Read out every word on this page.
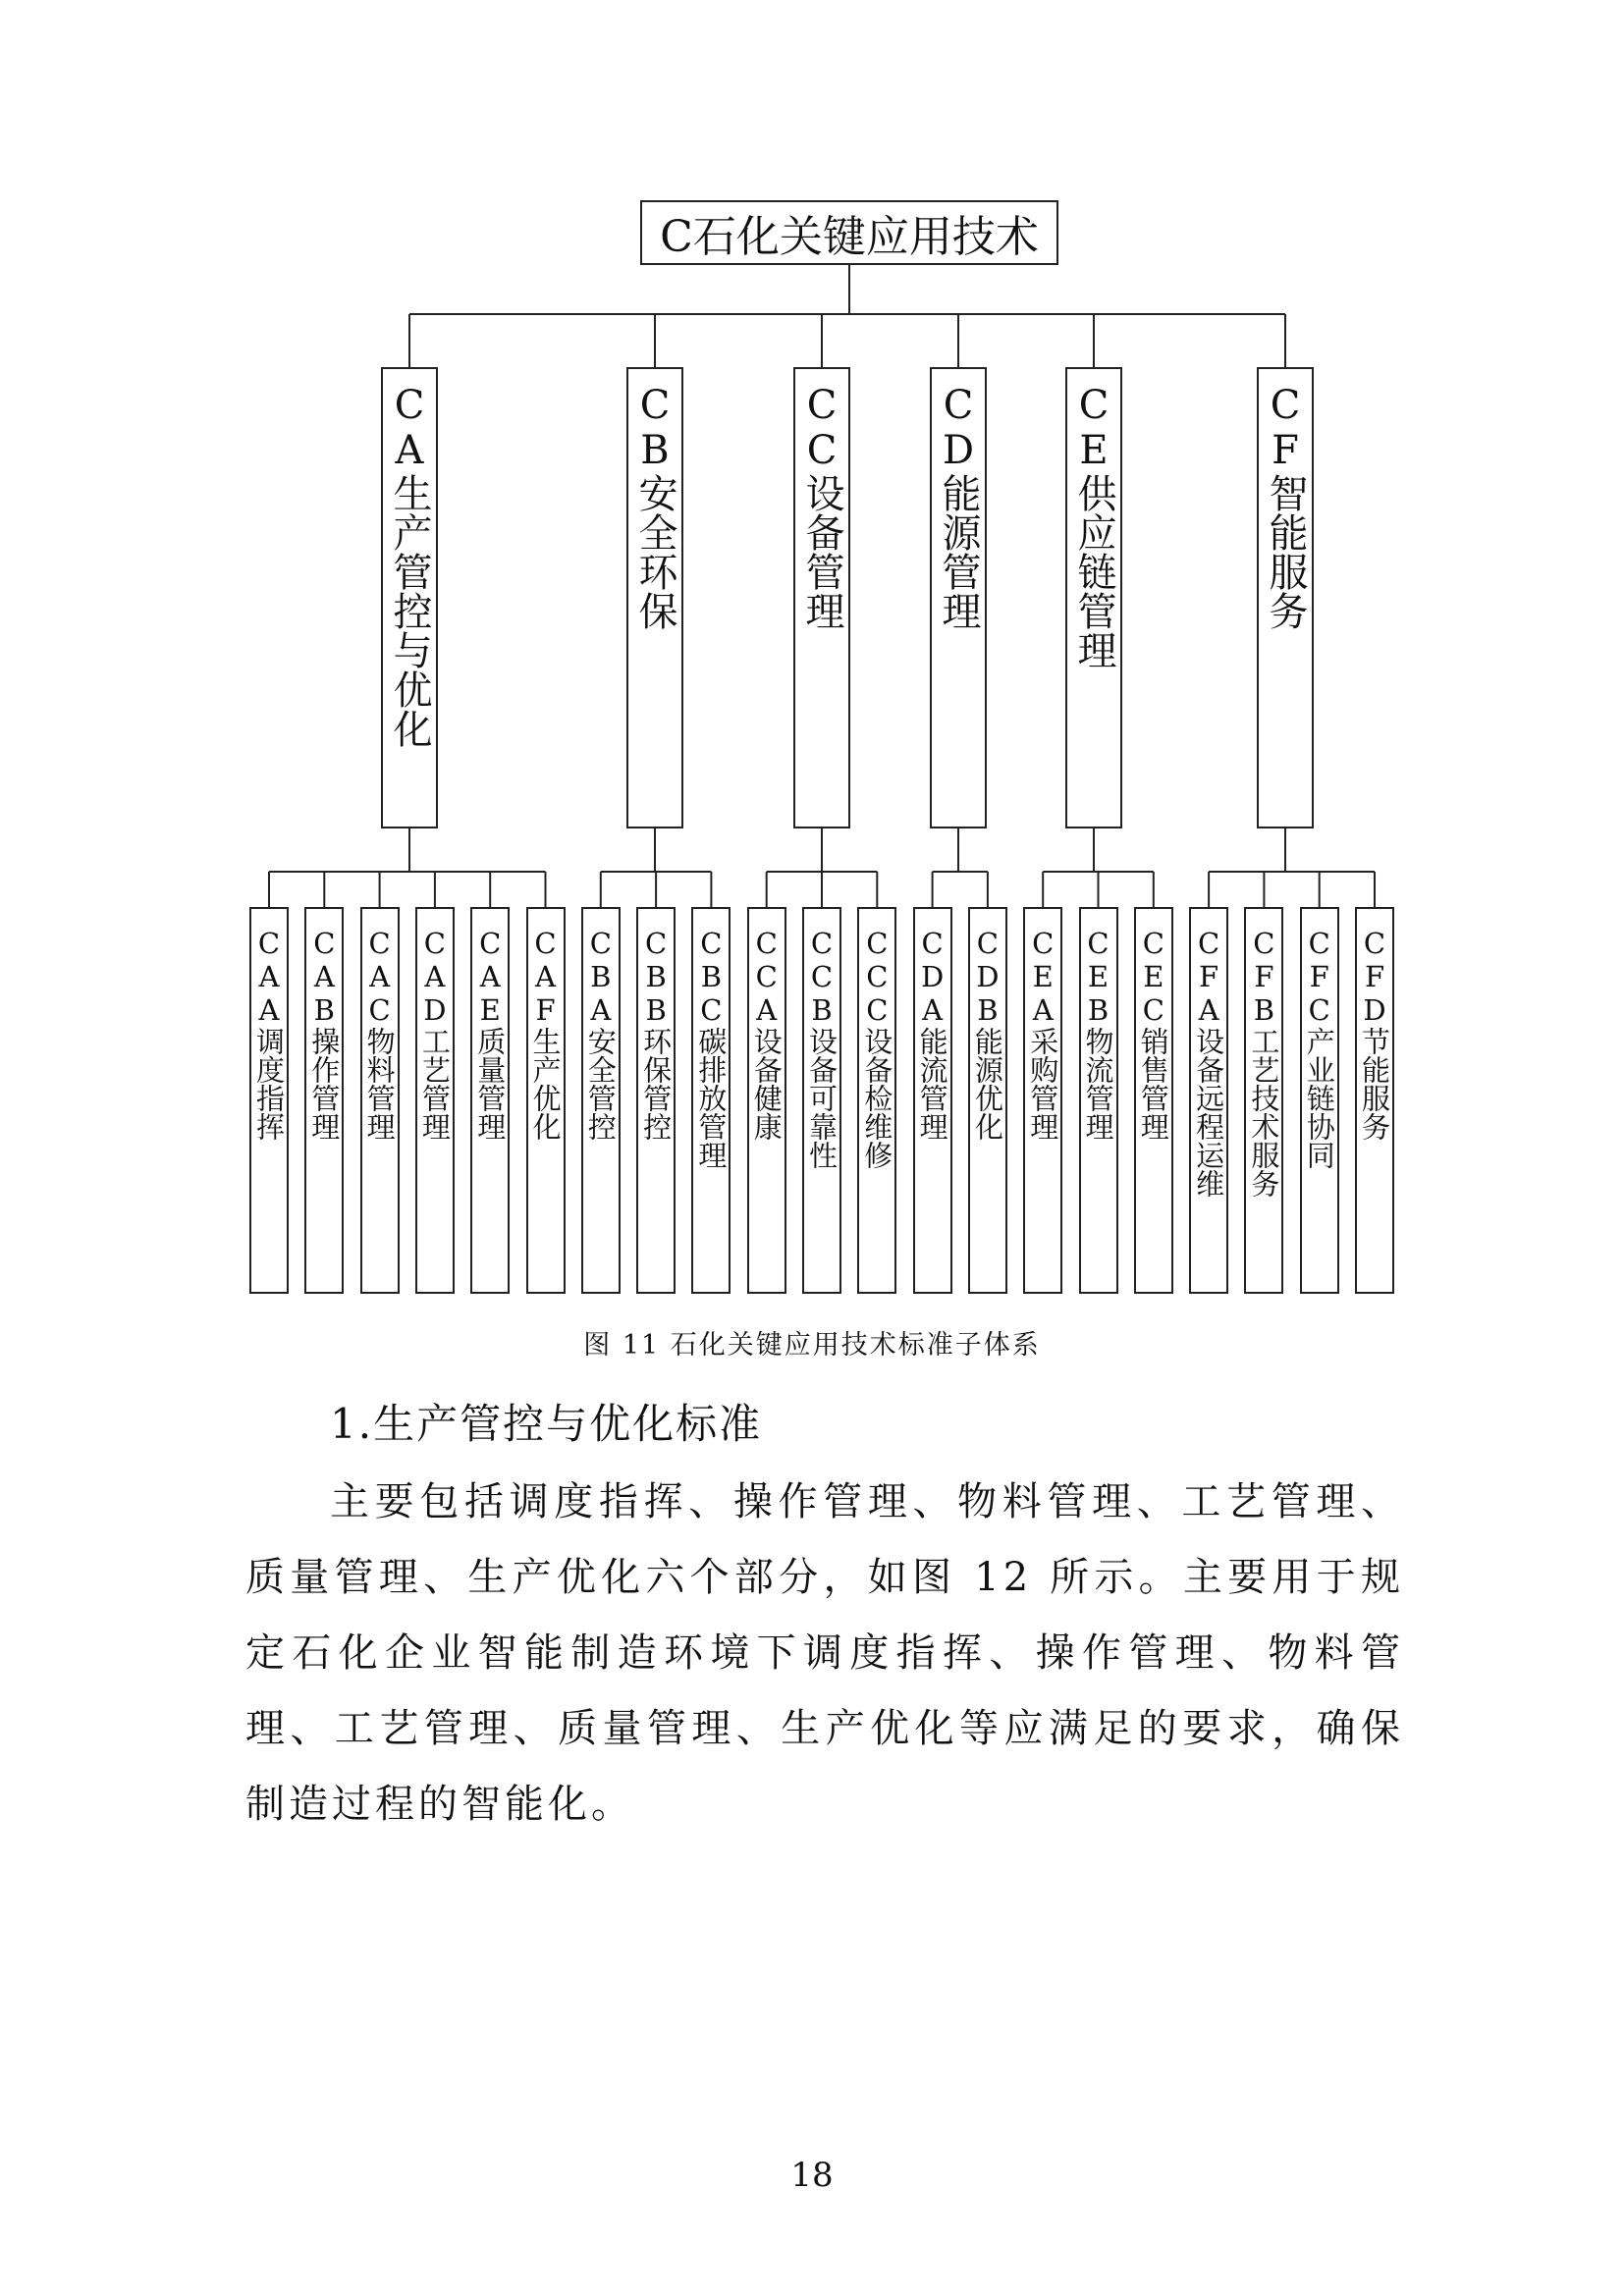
C石化关键应用技术
CA生产管控与优化
CAA调度指挥 CAB操作管理 CAC物料管理 CAD工艺管理 CAE质量管理 CAF生产优化
CB安全环保
CBA安全管控 CBB环保管控 CBC碳排放管理
CC设备管理
CCA设备健康 CCB设备可靠性 CCC设备检维修
CD能源管理
CDA能流管理 CDB能源优化
CE供应链管理
CEA采购管理 CEB物流管理 CEC销售管理
CF智能服务
CFA设备远程运维 CFB工艺技术服务 CFC产业链协同 CFD节能服务
图 11 石化关键应用技术标准子体系
1.生产管控与优化标准
主要包括调度指挥、操作管理、物料管理、工艺管理、质量管理、生产优化六个部分，如图 12 所示。主要用于规定石化企业智能制造环境下调度指挥、操作管理、物料管理、工艺管理、质量管理、生产优化等应满足的要求，确保制造过程的智能化。
18
